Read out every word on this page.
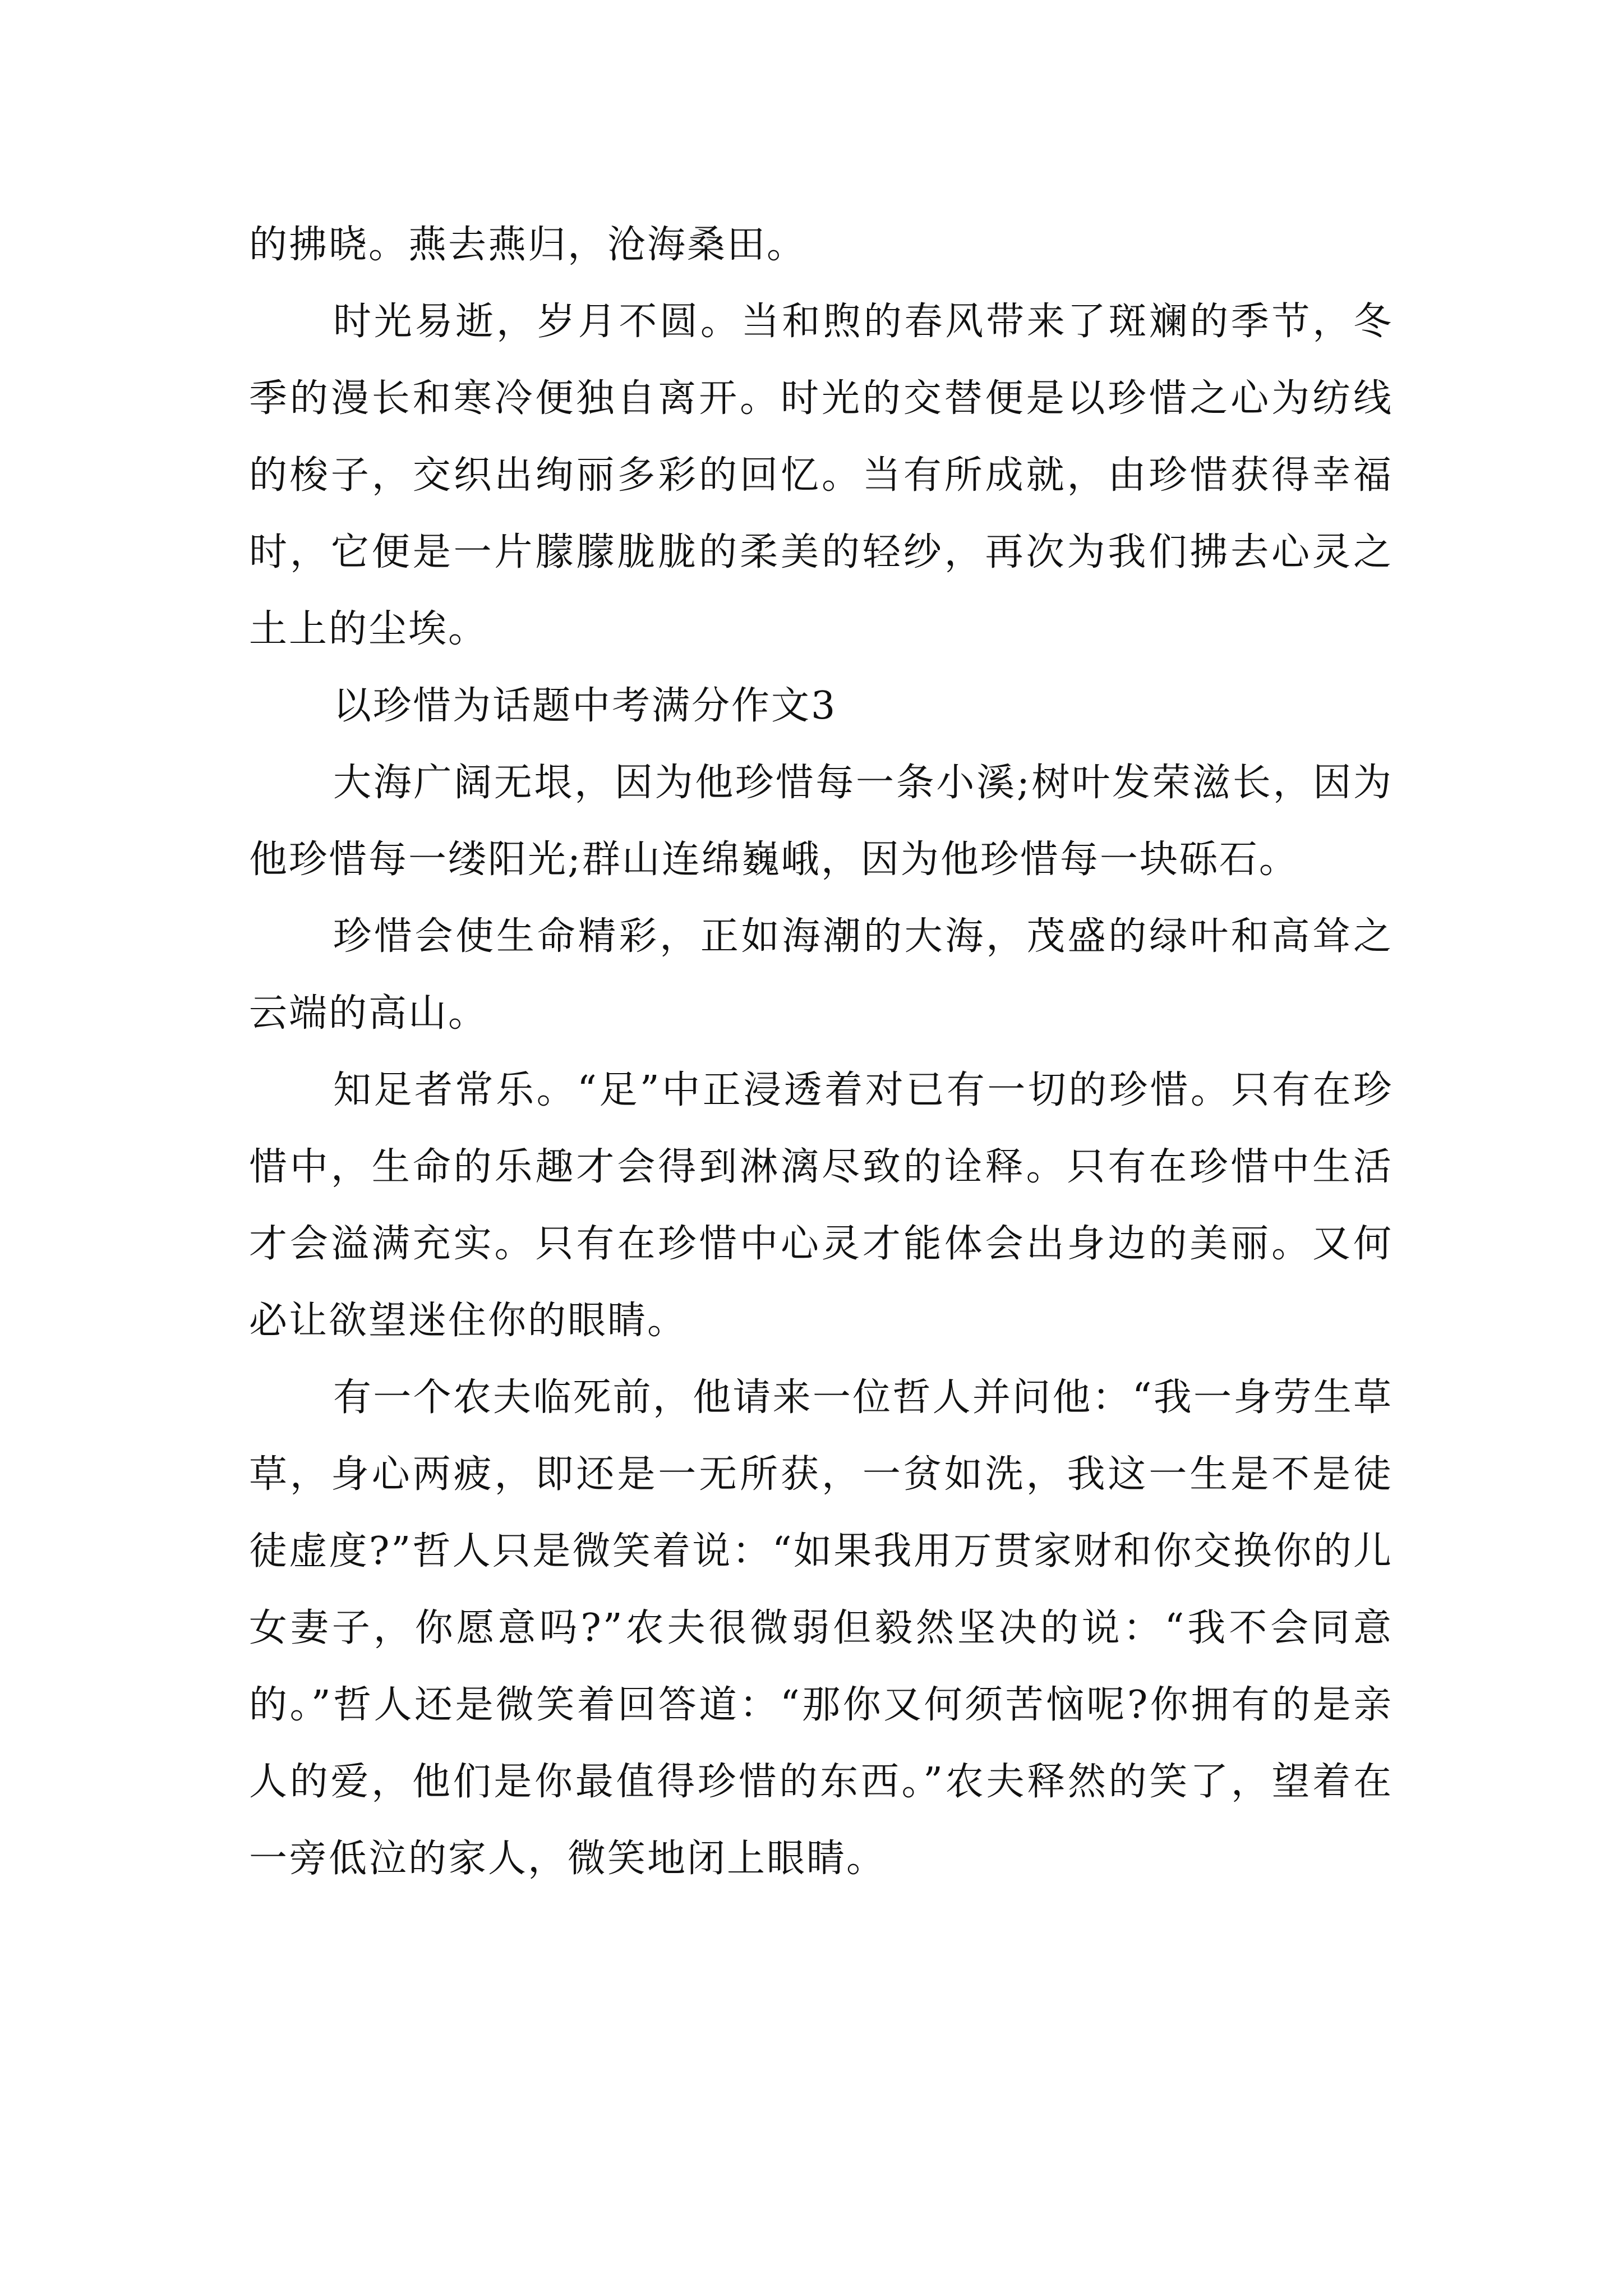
的拂晓。燕去燕归，沧海桑田。

时光易逝，岁月不圆。当和煦的春风带来了斑斓的季节，冬季的漫长和寒冷便独自离开。时光的交替便是以珍惜之心为纺线的梭子，交织出绚丽多彩的回忆。当有所成就，由珍惜获得幸福时，它便是一片朦朦胧胧的柔美的轻纱，再次为我们拂去心灵之土上的尘埃。

以珍惜为话题中考满分作文3

大海广阔无垠，因为他珍惜每一条小溪;树叶发荣滋长，因为他珍惜每一缕阳光;群山连绵巍峨，因为他珍惜每一块砾石。

珍惜会使生命精彩，正如海潮的大海，茂盛的绿叶和高耸之云端的高山。

知足者常乐。“足”中正浸透着对已有一切的珍惜。只有在珍惜中，生命的乐趣才会得到淋漓尽致的诠释。只有在珍惜中生活才会溢满充实。只有在珍惜中心灵才能体会出身边的美丽。又何必让欲望迷住你的眼睛。

有一个农夫临死前，他请来一位哲人并问他：“我一身劳生草草，身心两疲，即还是一无所获，一贫如洗，我这一生是不是徒徒虚度?”哲人只是微笑着说：“如果我用万贯家财和你交换你的儿女妻子，你愿意吗?”农夫很微弱但毅然坚决的说：“我不会同意的。”哲人还是微笑着回答道：“那你又何须苦恼呢?你拥有的是亲人的爱，他们是你最值得珍惜的东西。”农夫释然的笑了，望着在一旁低泣的家人，微笑地闭上眼睛。
